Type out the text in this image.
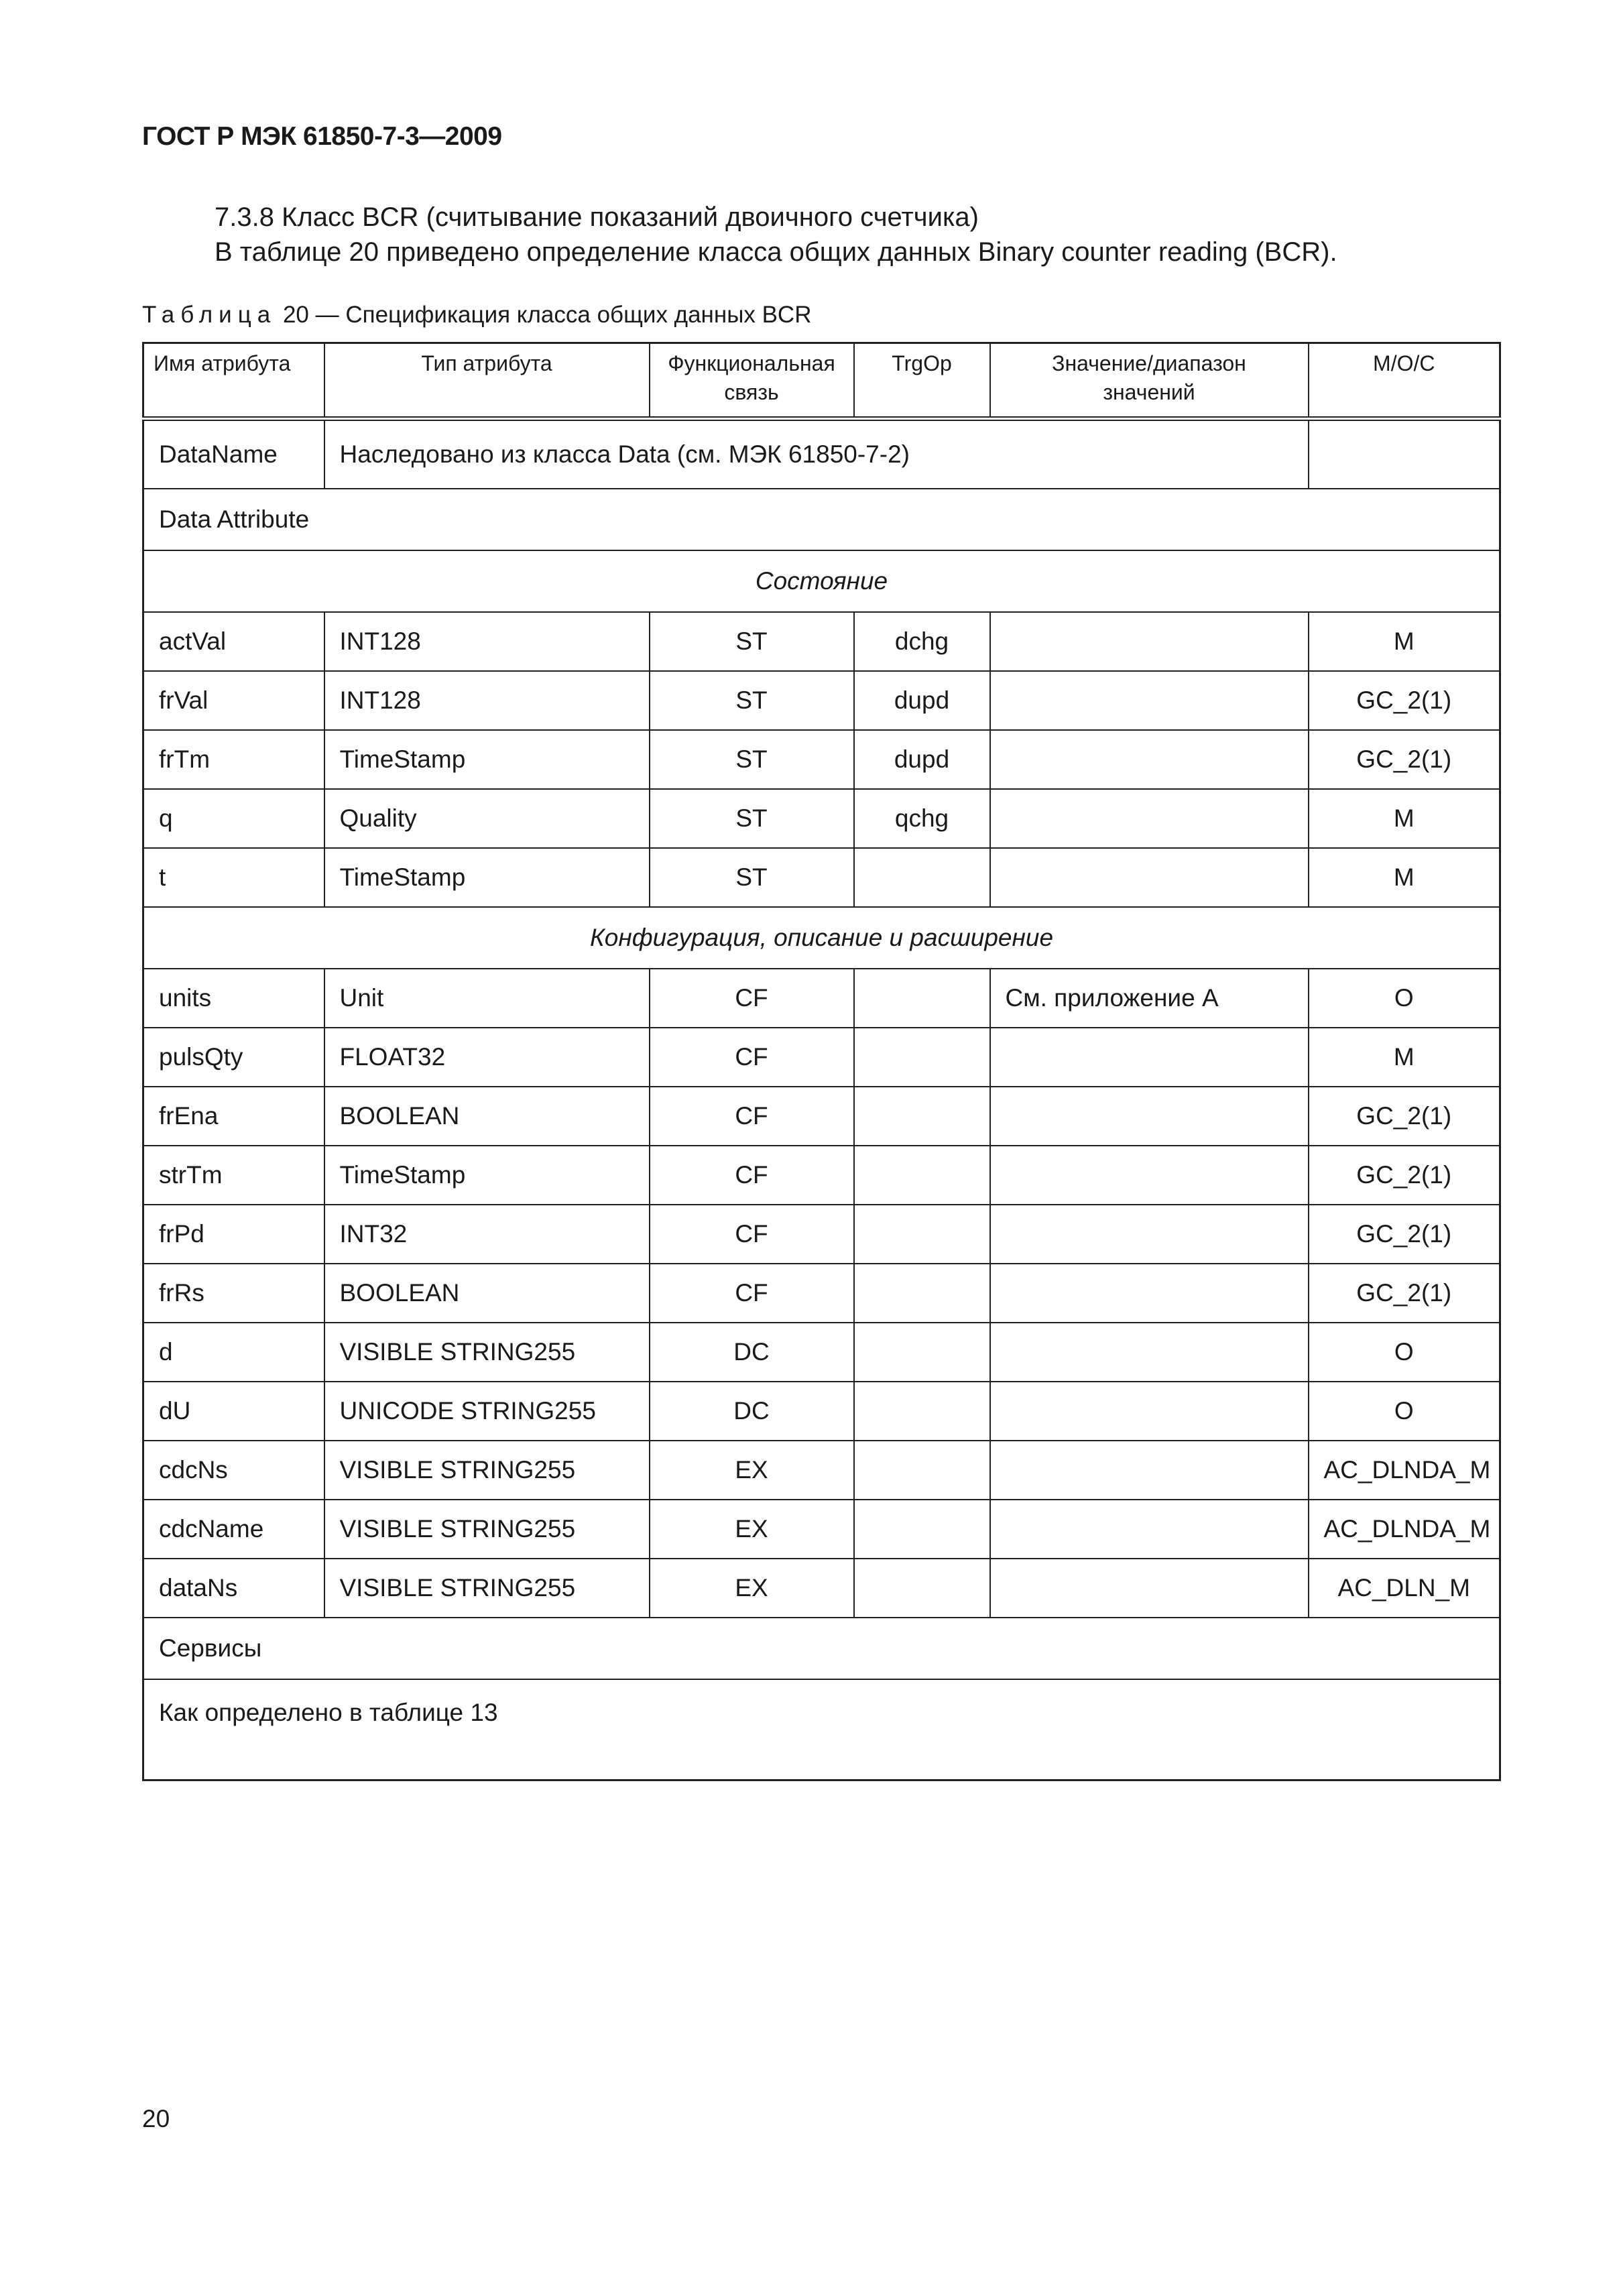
ГОСТ Р МЭК 61850-7-3—2009
7.3.8 Класс BCR (считывание показаний двоичного счетчика)
В таблице 20 приведено определение класса общих данных Binary counter reading (BCR).
Таблица 20 — Спецификация класса общих данных BCR
Имя атрибута	Тип атрибута	Функциональная связь	TrgOp	Значение/диапазон значений	M/O/C
DataName	Наследовано из класса Data (см. МЭК 61850-7-2)				
Data Attribute					
Состояние					
actVal	INT128	ST	dchg		M
frVal	INT128	ST	dupd		GC_2(1)
frTm	TimeStamp	ST	dupd		GC_2(1)
q	Quality	ST	qchg		M
t	TimeStamp	ST			M
Конфигурация, описание и расширение					
units	Unit	CF		См. приложение А	O
pulsQty	FLOAT32	CF			M
frEna	BOOLEAN	CF			GC_2(1)
strTm	TimeStamp	CF			GC_2(1)
frPd	INT32	CF			GC_2(1)
frRs	BOOLEAN	CF			GC_2(1)
d	VISIBLE STRING255	DC			O
dU	UNICODE STRING255	DC			O
cdcNs	VISIBLE STRING255	EX			AC_DLNDA_M
cdcName	VISIBLE STRING255	EX			AC_DLNDA_M
dataNs	VISIBLE STRING255	EX			AC_DLN_M
Сервисы					
Как определено в таблице 13					
20
